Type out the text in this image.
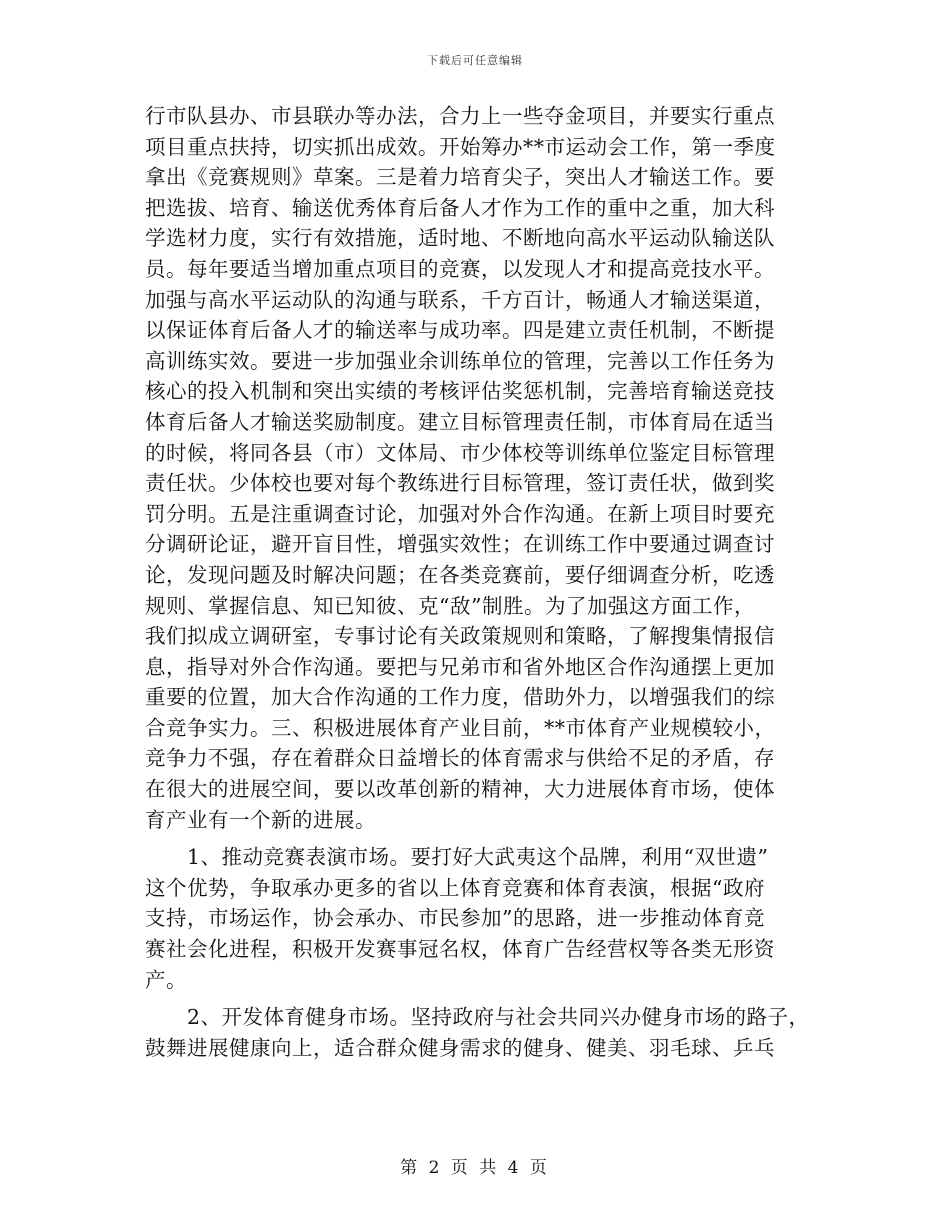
下载后可任意编辑
行市队县办、市县联办等办法，合力上一些夺金项目，并要实行重点
项目重点扶持，切实抓出成效。开始筹办**市运动会工作，第一季度
拿出《竞赛规则》草案。三是着力培育尖子，突出人才输送工作。要
把选拔、培育、输送优秀体育后备人才作为工作的重中之重，加大科
学选材力度，实行有效措施，适时地、不断地向高水平运动队输送队
员。每年要适当增加重点项目的竞赛，以发现人才和提高竞技水平。
加强与高水平运动队的沟通与联系，千方百计，畅通人才输送渠道，
以保证体育后备人才的输送率与成功率。四是建立责任机制，不断提
高训练实效。要进一步加强业余训练单位的管理，完善以工作任务为
核心的投入机制和突出实绩的考核评估奖惩机制，完善培育输送竞技
体育后备人才输送奖励制度。建立目标管理责任制，市体育局在适当
的时候，将同各县（市）文体局、市少体校等训练单位鉴定目标管理
责任状。少体校也要对每个教练进行目标管理，签订责任状，做到奖
罚分明。五是注重调查讨论，加强对外合作沟通。在新上项目时要充
分调研论证，避开盲目性，增强实效性；在训练工作中要通过调查讨
论，发现问题及时解决问题；在各类竞赛前，要仔细调查分析，吃透
规则、掌握信息、知已知彼、克“敌”制胜。为了加强这方面工作，
我们拟成立调研室，专事讨论有关政策规则和策略，了解搜集情报信
息，指导对外合作沟通。要把与兄弟市和省外地区合作沟通摆上更加
重要的位置，加大合作沟通的工作力度，借助外力，以增强我们的综
合竞争实力。三、积极进展体育产业目前，**市体育产业规模较小，
竞争力不强，存在着群众日益增长的体育需求与供给不足的矛盾，存
在很大的进展空间，要以改革创新的精神，大力进展体育市场，使体
育产业有一个新的进展。
　　1、推动竞赛表演市场。要打好大武夷这个品牌，利用“双世遗”
这个优势，争取承办更多的省以上体育竞赛和体育表演，根据“政府
支持，市场运作，协会承办、市民参加”的思路，进一步推动体育竞
赛社会化进程，积极开发赛事冠名权，体育广告经营权等各类无形资
产。
　　2、开发体育健身市场。坚持政府与社会共同兴办健身市场的路子，
鼓舞进展健康向上，适合群众健身需求的健身、健美、羽毛球、乒乓
第 2 页 共 4 页
